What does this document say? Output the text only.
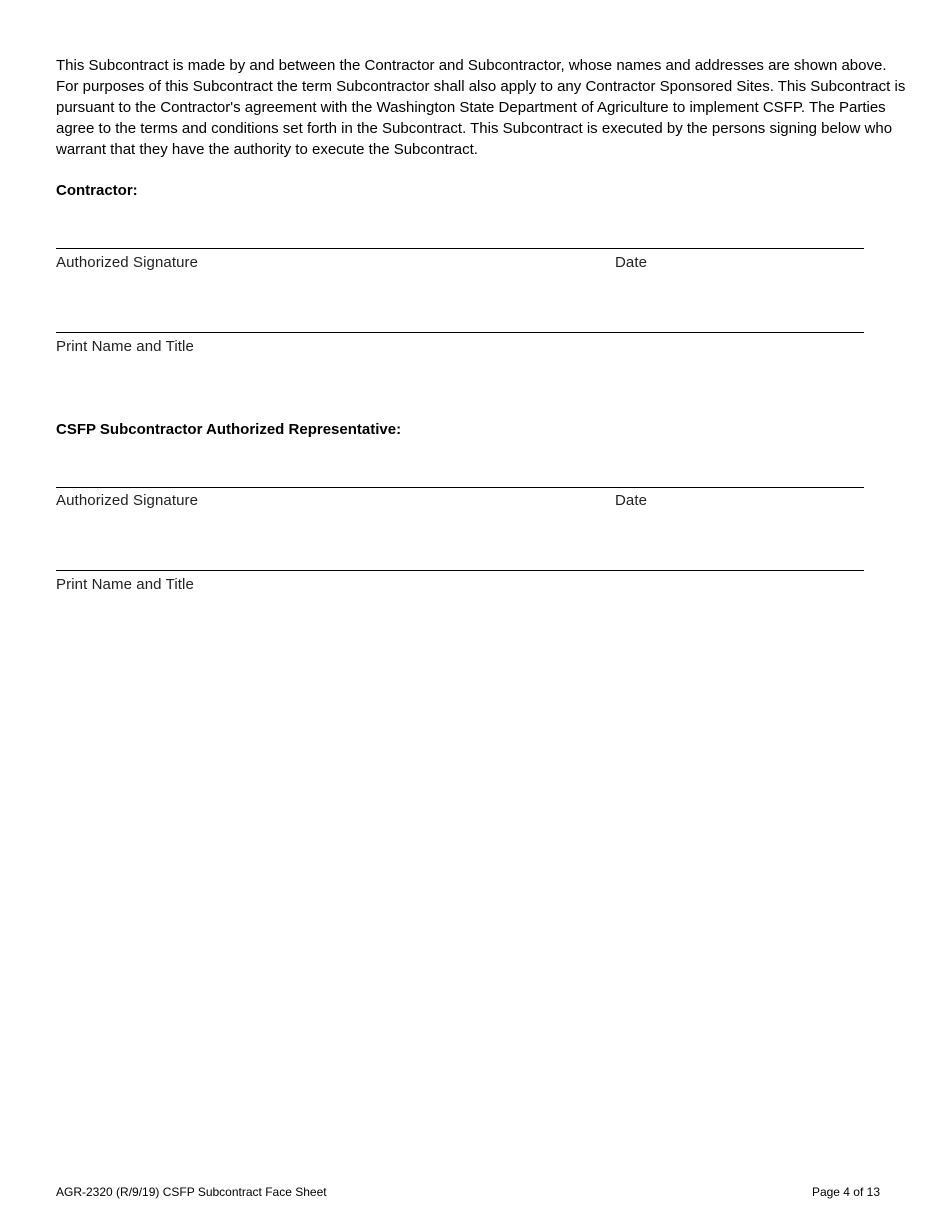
This Subcontract is made by and between the Contractor and Subcontractor, whose names and addresses are shown above. For purposes of this Subcontract the term Subcontractor shall also apply to any Contractor Sponsored Sites. This Subcontract is pursuant to the Contractor's agreement with the Washington State Department of Agriculture to implement CSFP. The Parties agree to the terms and conditions set forth in the Subcontract. This Subcontract is executed by the persons signing below who warrant that they have the authority to execute the Subcontract.

Contractor:

Authorized Signature	Date

Print Name and Title

CSFP Subcontractor Authorized Representative:

Authorized Signature	Date

Print Name and Title

AGR-2320 (R/9/19) CSFP Subcontract Face Sheet	Page 4 of 13
